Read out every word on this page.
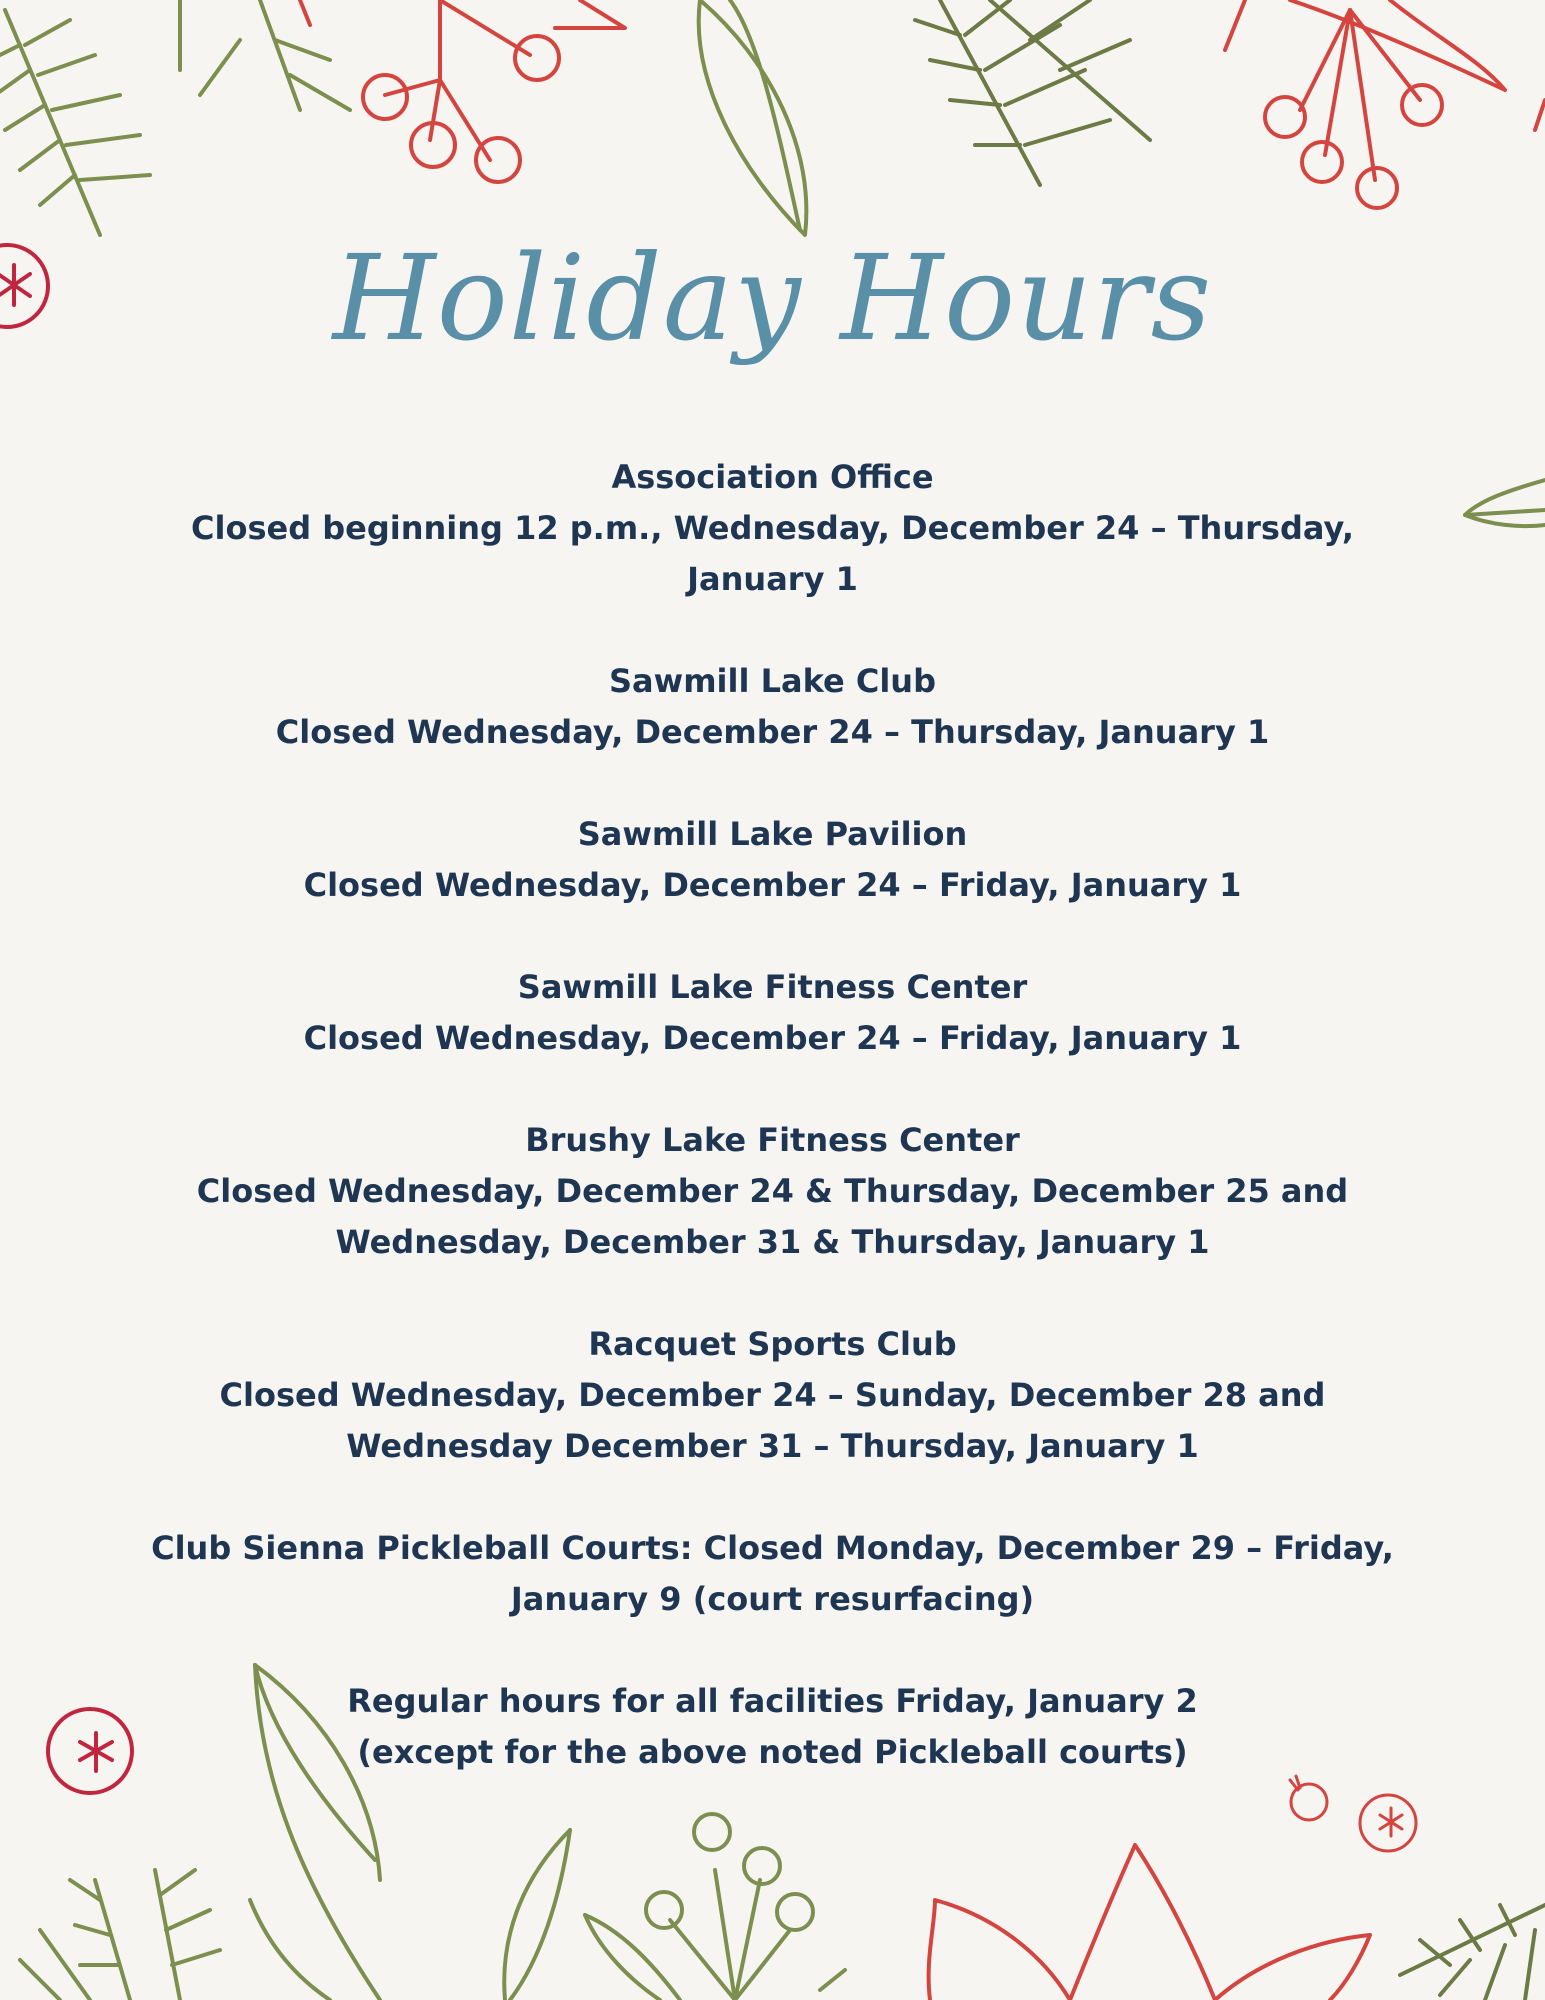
Holiday Hours

Association Office

Closed beginning 12 p.m., Wednesday, December 24 – Thursday,

January 1

Sawmill Lake Club

Closed Wednesday, December 24 – Thursday, January 1

Sawmill Lake Pavilion

Closed Wednesday, December 24 – Friday, January 1

Sawmill Lake Fitness Center

Closed Wednesday, December 24 – Friday, January 1

Brushy Lake Fitness Center

Closed Wednesday, December 24 & Thursday, December 25 and

Wednesday, December 31 & Thursday, January 1

Racquet Sports Club

Closed Wednesday, December 24 – Sunday, December 28 and

Wednesday December 31 – Thursday, January 1

Club Sienna Pickleball Courts: Closed Monday, December 29 – Friday,

January 9 (court resurfacing)

Regular hours for all facilities Friday, January 2

(except for the above noted Pickleball courts)
